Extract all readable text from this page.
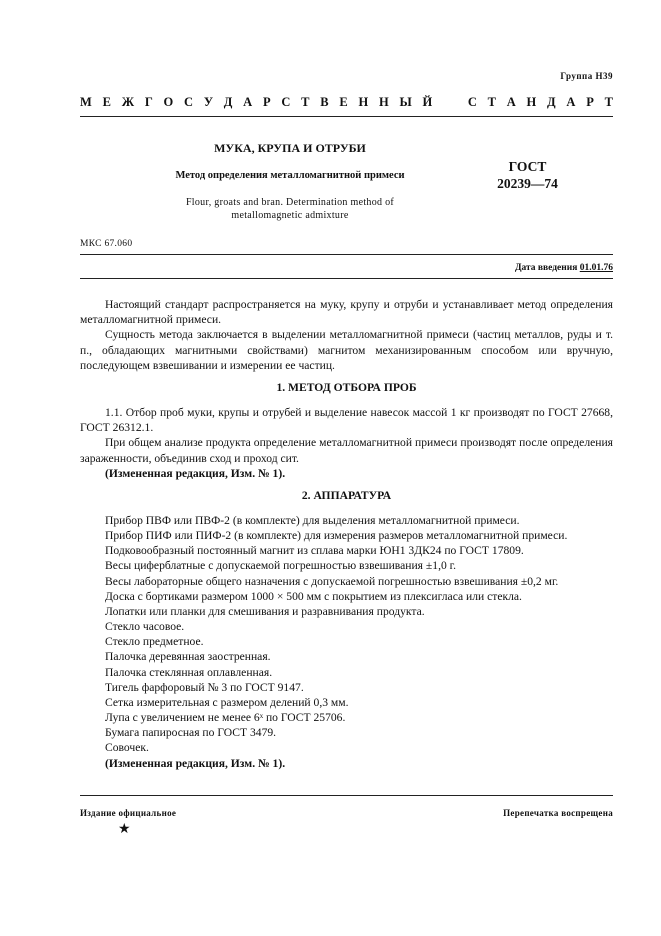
Группа Н39
М Е Ж Г О С У Д А Р С Т В Е Н Н Ы Й	С Т А Н Д А Р Т
МУКА, КРУПА И ОТРУБИ
Метод определения металломагнитной примеси
Flour, groats and bran. Determination method of
metallomagnetic admixture
ГОСТ
20239—74
МКС 67.060
Дата введения 01.01.76

Настоящий стандарт распространяется на муку, крупу и отруби и устанавливает метод определения металломагнитной примеси.

Сущность метода заключается в выделении металломагнитной примеси (частиц металлов, руды и т. п., обладающих магнитными свойствами) магнитом механизированным способом или вручную, последующем взвешивании и измерении ее частиц.

1. МЕТОД ОТБОРА ПРОБ

1.1. Отбор проб муки, крупы и отрубей и выделение навесок массой 1 кг производят по ГОСТ 27668, ГОСТ 26312.1.

При общем анализе продукта определение металломагнитной примеси производят после определения зараженности, объединив сход и проход сит.

(Измененная редакция, Изм. № 1).

2. АППАРАТУРА
Прибор ПВФ или ПВФ-2 (в комплекте) для выделения металломагнитной примеси.
Прибор ПИФ или ПИФ-2 (в комплекте) для измерения размеров металломагнитной примеси.
Подковообразный постоянный магнит из сплава марки ЮН1 3ДК24 по ГОСТ 17809.
Весы циферблатные с допускаемой погрешностью взвешивания ±1,0 г.
Весы лабораторные общего назначения с допускаемой погрешностью взвешивания ±0,2 мг.
Доска с бортиками размером 1000 × 500 мм с покрытием из плексигласа или стекла.
Лопатки или планки для смешивания и разравнивания продукта.
Стекло часовое.
Стекло предметное.
Палочка деревянная заостренная.
Палочка стеклянная оплавленная.
Тигель фарфоровый № 3 по ГОСТ 9147.
Сетка измерительная с размером делений 0,3 мм.
Лупа с увеличением не менее 6ˣ по ГОСТ 25706.
Бумага папиросная по ГОСТ 3479.
Совочек.
(Измененная редакция, Изм. № 1).
Издание официальное	Перепечатка воспрещена
★
